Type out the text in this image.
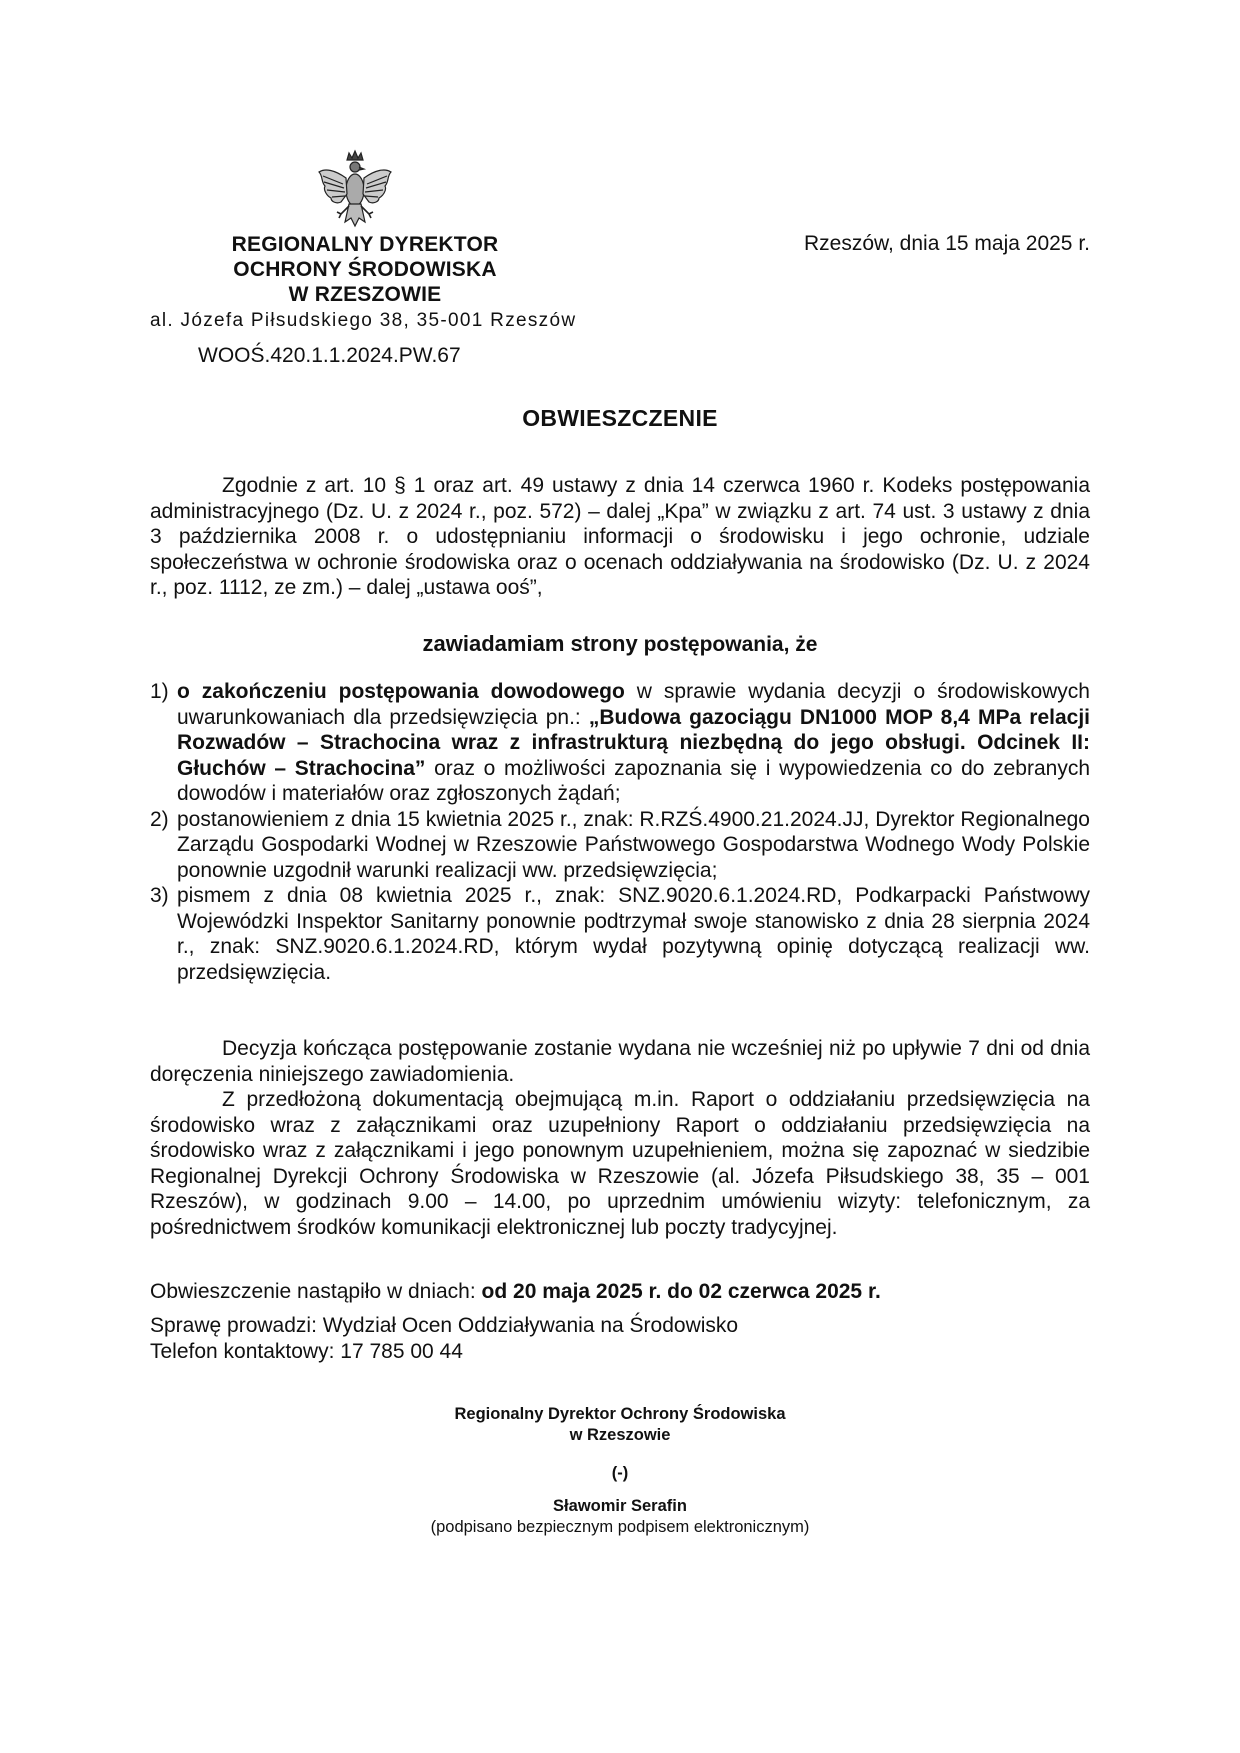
REGIONALNY DYREKTOR
OCHRONY ŚRODOWISKA
W RZESZOWIE
al. Józefa Piłsudskiego 38, 35-001 Rzeszów
WOOŚ.420.1.1.2024.PW.67
Rzeszów, dnia 15 maja 2025 r.
OBWIESZCZENIE
Zgodnie z art. 10 § 1 oraz art. 49 ustawy z dnia 14 czerwca 1960 r. Kodeks postępowania administracyjnego (Dz. U. z 2024 r., poz. 572) – dalej „Kpa” w związku z art. 74 ust. 3 ustawy z dnia 3 października 2008 r. o udostępnianiu informacji o środowisku i jego ochronie, udziale społeczeństwa w ochronie środowiska oraz o ocenach oddziaływania na środowisko (Dz. U. z 2024 r., poz. 1112, ze zm.) – dalej „ustawa ooś”,
zawiadamiam strony postępowania, że
1) o zakończeniu postępowania dowodowego w sprawie wydania decyzji o środowiskowych uwarunkowaniach dla przedsięwzięcia pn.: „Budowa gazociągu DN1000 MOP 8,4 MPa relacji Rozwadów – Strachocina wraz z infrastrukturą niezbędną do jego obsługi. Odcinek II: Głuchów – Strachocina” oraz o możliwości zapoznania się i wypowiedzenia co do zebranych dowodów i materiałów oraz zgłoszonych żądań;
2) postanowieniem z dnia 15 kwietnia 2025 r., znak: R.RZŚ.4900.21.2024.JJ, Dyrektor Regionalnego Zarządu Gospodarki Wodnej w Rzeszowie Państwowego Gospodarstwa Wodnego Wody Polskie ponownie uzgodnił warunki realizacji ww. przedsięwzięcia;
3) pismem z dnia 08 kwietnia 2025 r., znak: SNZ.9020.6.1.2024.RD, Podkarpacki Państwowy Wojewódzki Inspektor Sanitarny ponownie podtrzymał swoje stanowisko z dnia 28 sierpnia 2024 r., znak: SNZ.9020.6.1.2024.RD, którym wydał pozytywną opinię dotyczącą realizacji ww. przedsięwzięcia.

Decyzja kończąca postępowanie zostanie wydana nie wcześniej niż po upływie 7 dni od dnia doręczenia niniejszego zawiadomienia.

Z przedłożoną dokumentacją obejmującą m.in. Raport o oddziałaniu przedsięwzięcia na środowisko wraz z załącznikami oraz uzupełniony Raport o oddziałaniu przedsięwzięcia na środowisko wraz z załącznikami i jego ponownym uzupełnieniem, można się zapoznać w siedzibie Regionalnej Dyrekcji Ochrony Środowiska w Rzeszowie (al. Józefa Piłsudskiego 38, 35 – 001 Rzeszów), w godzinach 9.00 – 14.00, po uprzednim umówieniu wizyty: telefonicznym, za pośrednictwem środków komunikacji elektronicznej lub poczty tradycyjnej.

Obwieszczenie nastąpiło w dniach: od 20 maja 2025 r. do 02 czerwca 2025 r.
Sprawę prowadzi: Wydział Ocen Oddziaływania na Środowisko
Telefon kontaktowy: 17 785 00 44
Regionalny Dyrektor Ochrony Środowiska
w Rzeszowie
(-)
Sławomir Serafin
(podpisano bezpiecznym podpisem elektronicznym)
